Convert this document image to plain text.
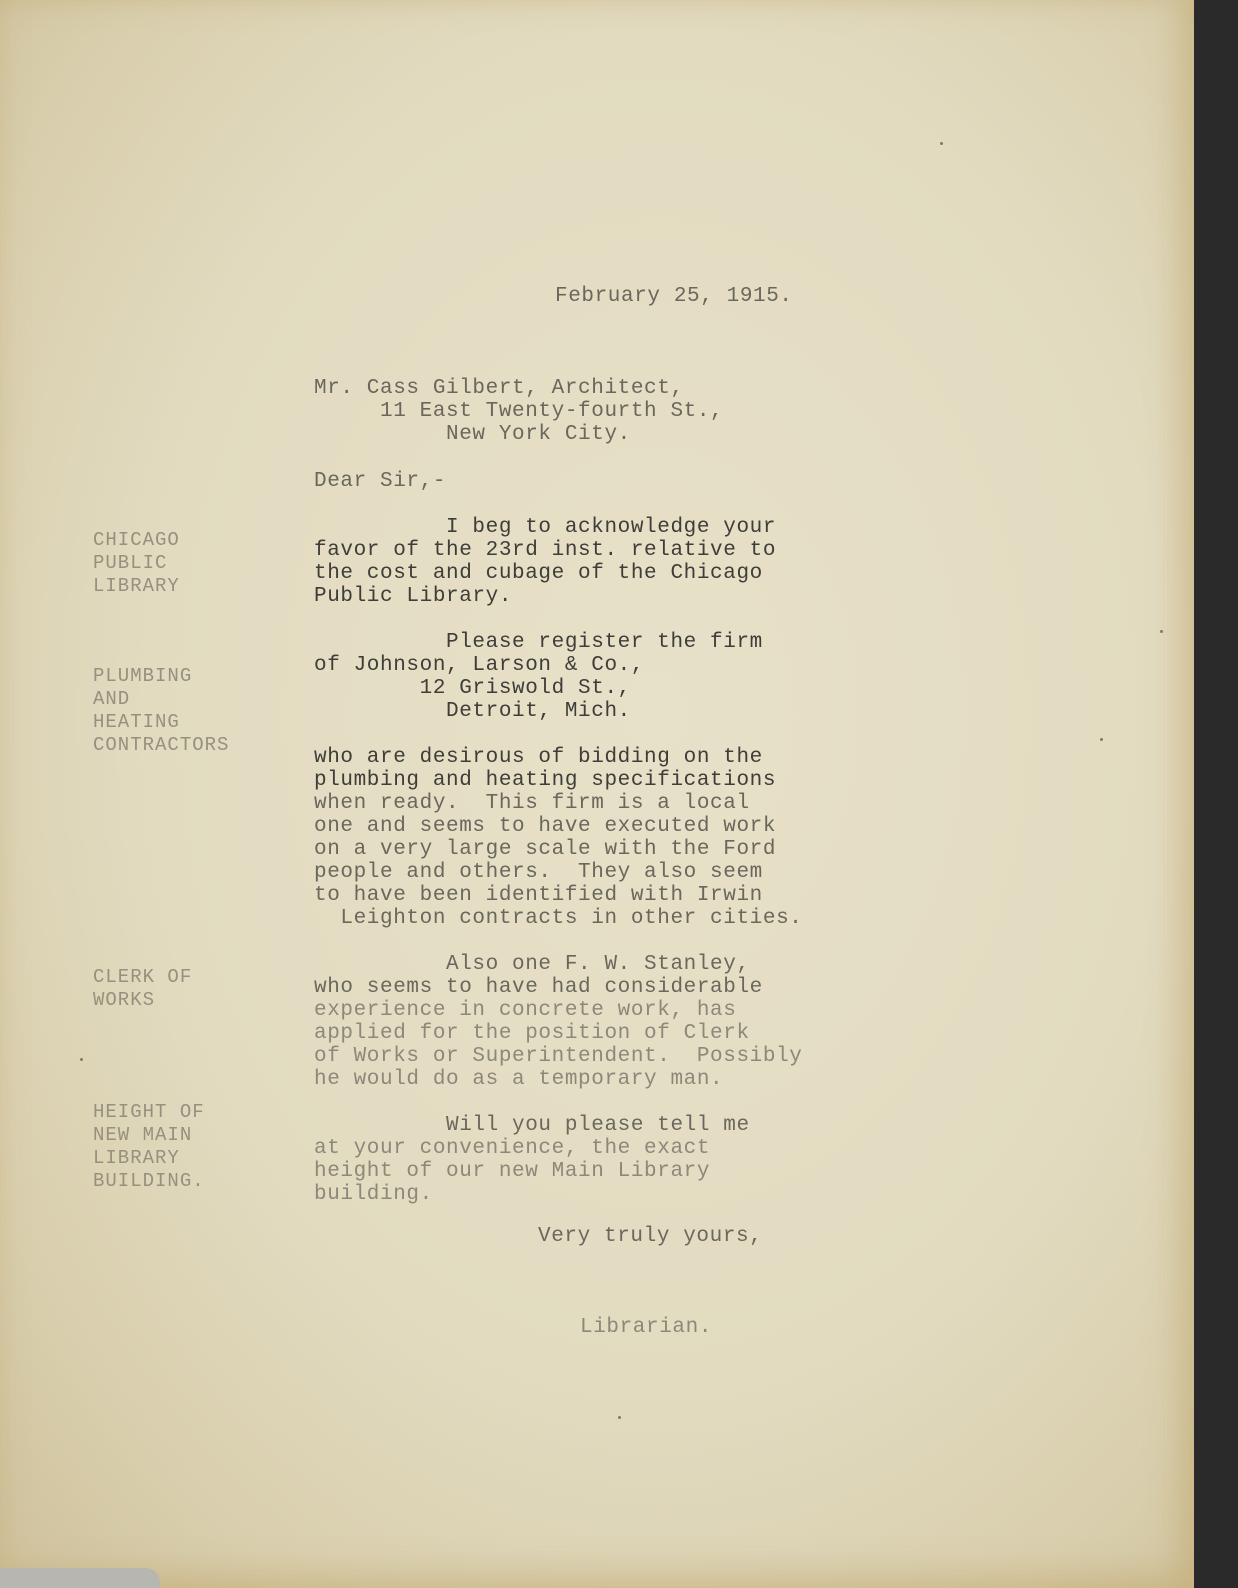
February 25, 1915.
Mr. Cass Gilbert, Architect,
11 East Twenty-fourth St.,
New York City.
Dear Sir,-
I beg to acknowledge your
favor of the 23rd inst. relative to
the cost and cubage of the Chicago
Public Library.
Please register the firm
of Johnson, Larson & Co.,
12 Griswold St.,
Detroit, Mich.
who are desirous of bidding on the
plumbing and heating specifications
when ready.  This firm is a local
one and seems to have executed work
on a very large scale with the Ford
people and others.  They also seem
to have been identified with Irwin
Leighton contracts in other cities.
Also one F. W. Stanley,
who seems to have had considerable
experience in concrete work, has
applied for the position of Clerk
of Works or Superintendent.  Possibly
he would do as a temporary man.
Will you please tell me
at your convenience, the exact
height of our new Main Library
building.
Very truly yours,
Librarian.
CHICAGO
PUBLIC
LIBRARY
PLUMBING
AND
HEATING
CONTRACTORS
CLERK OF
WORKS
HEIGHT OF
NEW MAIN
LIBRARY
BUILDING.
